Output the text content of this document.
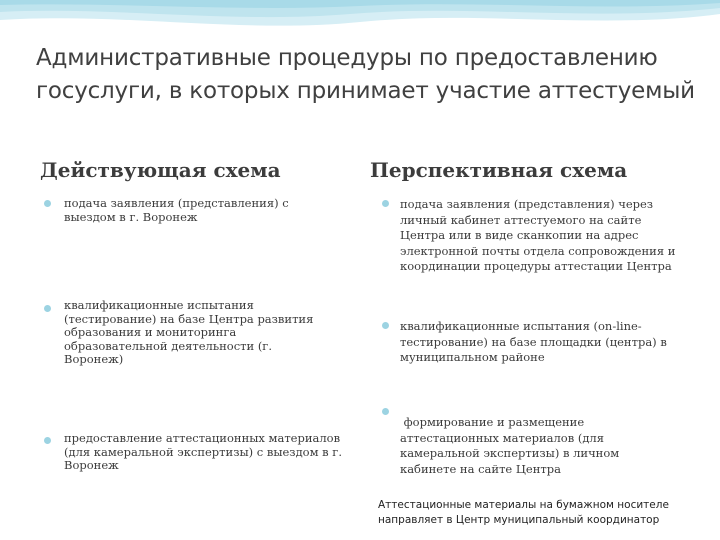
Административные процедуры по предоставлению госуслуги, в которых принимает участие аттестуемый
Действующая схема	Перспективная схема
подача заявления (представления) с выездом в г. Воронеж
квалификационные испытания (тестирование) на базе Центра развития образования и мониторинга образовательной деятельности (г. Воронеж)
предоставление аттестационных материалов (для камеральной экспертизы) с выездом в г. Воронеж
подача заявления (представления) через личный кабинет аттестуемого на сайте Центра или в виде сканкопии на адрес электронной почты отдела сопровождения и координации процедуры аттестации Центра
квалификационные испытания (on-line-тестирование) на базе площадки (центра) в муниципальном районе
формирование и размещение аттестационных материалов (для камеральной экспертизы) в личном кабинете на сайте Центра
Аттестационные материалы на бумажном носителе направляет в Центр муниципальный координатор
